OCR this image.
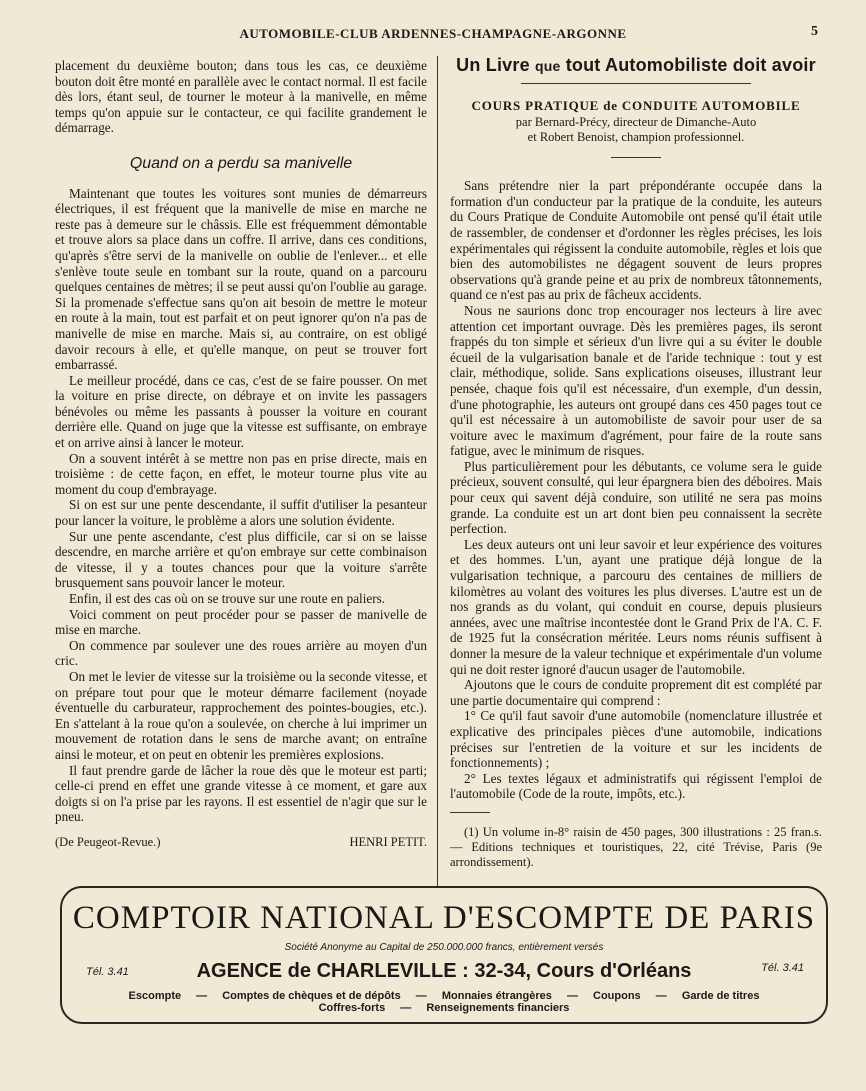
AUTOMOBILE-CLUB ARDENNES-CHAMPAGNE-ARGONNE	5

placement du deuxième bouton; dans tous les cas, ce deuxième bouton doit être monté en parallèle avec le contact normal. Il est facile dès lors, étant seul, de tourner le moteur à la manivelle, en même temps qu'on appuie sur le contacteur, ce qui facilite grandement le démarrage.

Quand on a perdu sa manivelle

Maintenant que toutes les voitures sont munies de démarreurs électriques, il est fréquent que la manivelle de mise en marche ne reste pas à demeure sur le châssis. Elle est fréquemment démontable et trouve alors sa place dans un coffre. Il arrive, dans ces conditions, qu'après s'être servi de la manivelle on oublie de l'enlever... et elle s'enlève toute seule en tombant sur la route, quand on a parcouru quelques centaines de mètres; il se peut aussi qu'on l'oublie au garage. Si la promenade s'effectue sans qu'on ait besoin de mettre le moteur en route à la main, tout est parfait et on peut ignorer qu'on n'a pas de manivelle de mise en marche. Mais si, au contraire, on est obligé davoir recours à elle, et qu'elle manque, on peut se trouver fort embarrassé.

Le meilleur procédé, dans ce cas, c'est de se faire pousser. On met la voiture en prise directe, on débraye et on invite les passagers bénévoles ou même les passants à pousser la voiture en courant derrière elle. Quand on juge que la vitesse est suffisante, on embraye et on arrive ainsi à lancer le moteur.

On a souvent intérêt à se mettre non pas en prise directe, mais en troisième : de cette façon, en effet, le moteur tourne plus vite au moment du coup d'embrayage.

Si on est sur une pente descendante, il suffit d'utiliser la pesanteur pour lancer la voiture, le problème a alors une solution évidente.

Sur une pente ascendante, c'est plus difficile, car si on se laisse descendre, en marche arrière et qu'on embraye sur cette combinaison de vitesse, il y a toutes chances pour que la voiture s'arrête brusquement sans pouvoir lancer le moteur.

Enfin, il est des cas où on se trouve sur une route en paliers.

Voici comment on peut procéder pour se passer de manivelle de mise en marche.

On commence par soulever une des roues arrière au moyen d'un cric.

On met le levier de vitesse sur la troisième ou la seconde vitesse, et on prépare tout pour que le moteur démarre facilement (noyade éventuelle du carburateur, rapprochement des pointes-bougies, etc.). En s'attelant à la roue qu'on a soulevée, on cherche à lui imprimer un mouvement de rotation dans le sens de marche avant; on entraîne ainsi le moteur, et on peut en obtenir les premières explosions.

Il faut prendre garde de lâcher la roue dès que le moteur est parti; celle-ci prend en effet une grande vitesse à ce moment, et gare aux doigts si on l'a prise par les rayons. Il est essentiel de n'agir que sur le pneu.

(De Peugeot-Revue.)	HENRI PETIT.
Un Livre que tout Automobiliste doit avoir
COURS PRATIQUE de CONDUITE AUTOMOBILE
par Bernard-Précy, directeur de Dimanche-Auto
et Robert Benoist, champion professionnel.

Sans prétendre nier la part prépondérante occupée dans la formation d'un conducteur par la pratique de la conduite, les auteurs du Cours Pratique de Conduite Automobile ont pensé qu'il était utile de rassembler, de condenser et d'ordonner les règles précises, les lois expérimentales qui régissent la conduite automobile, règles et lois que bien des automobilistes ne dégagent souvent de leurs propres observations qu'à grande peine et au prix de nombreux tâtonnements, quand ce n'est pas au prix de fâcheux accidents.

Nous ne saurions donc trop encourager nos lecteurs à lire avec attention cet important ouvrage. Dès les premières pages, ils seront frappés du ton simple et sérieux d'un livre qui a su éviter le double écueil de la vulgarisation banale et de l'aride technique : tout y est clair, méthodique, solide. Sans explications oiseuses, illustrant leur pensée, chaque fois qu'il est nécessaire, d'un exemple, d'un dessin, d'une photographie, les auteurs ont groupé dans ces 450 pages tout ce qu'il est nécessaire à un automobiliste de savoir pour user de sa voiture avec le maximum d'agrément, pour faire de la route sans fatigue, avec le minimum de risques.

Plus particulièrement pour les débutants, ce volume sera le guide précieux, souvent consulté, qui leur épargnera bien des déboires. Mais pour ceux qui savent déjà conduire, son utilité ne sera pas moins grande. La conduite est un art dont bien peu connaissent la secrète perfection.

Les deux auteurs ont uni leur savoir et leur expérience des voitures et des hommes. L'un, ayant une pratique déjà longue de la vulgarisation technique, a parcouru des centaines de milliers de kilomètres au volant des voitures les plus diverses. L'autre est un de nos grands as du volant, qui conduit en course, depuis plusieurs années, avec une maîtrise incontestée dont le Grand Prix de l'A. C. F. de 1925 fut la consécration méritée. Leurs noms réunis suffisent à donner la mesure de la valeur technique et expérimentale d'un volume qui ne doit rester ignoré d'aucun usager de l'automobile.

Ajoutons que le cours de conduite proprement dit est complété par une partie documentaire qui comprend :

1° Ce qu'il faut savoir d'une automobile (nomenclature illustrée et explicative des principales pièces d'une automobile, indications précises sur l'entretien de la voiture et sur les incidents de fonctionnements) ;

2° Les textes légaux et administratifs qui régissent l'emploi de l'automobile (Code de la route, impôts, etc.).

(1) Un volume in-8° raisin de 450 pages, 300 illustrations : 25 fran.s. — Editions techniques et touristiques, 22, cité Trévise, Paris (9e arrondissement).

COMPTOIR NATIONAL D'ESCOMPTE DE PARIS
Société Anonyme au Capital de 250.000.000 francs, entièrement versés
Tél. 3.41	AGENCE de CHARLEVILLE : 32-34, Cours d'Orléans	Tél. 3.41
Escompte — Comptes de chèques et de dépôts — Monnaies étrangères — Coupons — Garde de titres
Coffres-forts — Renseignements financiers
